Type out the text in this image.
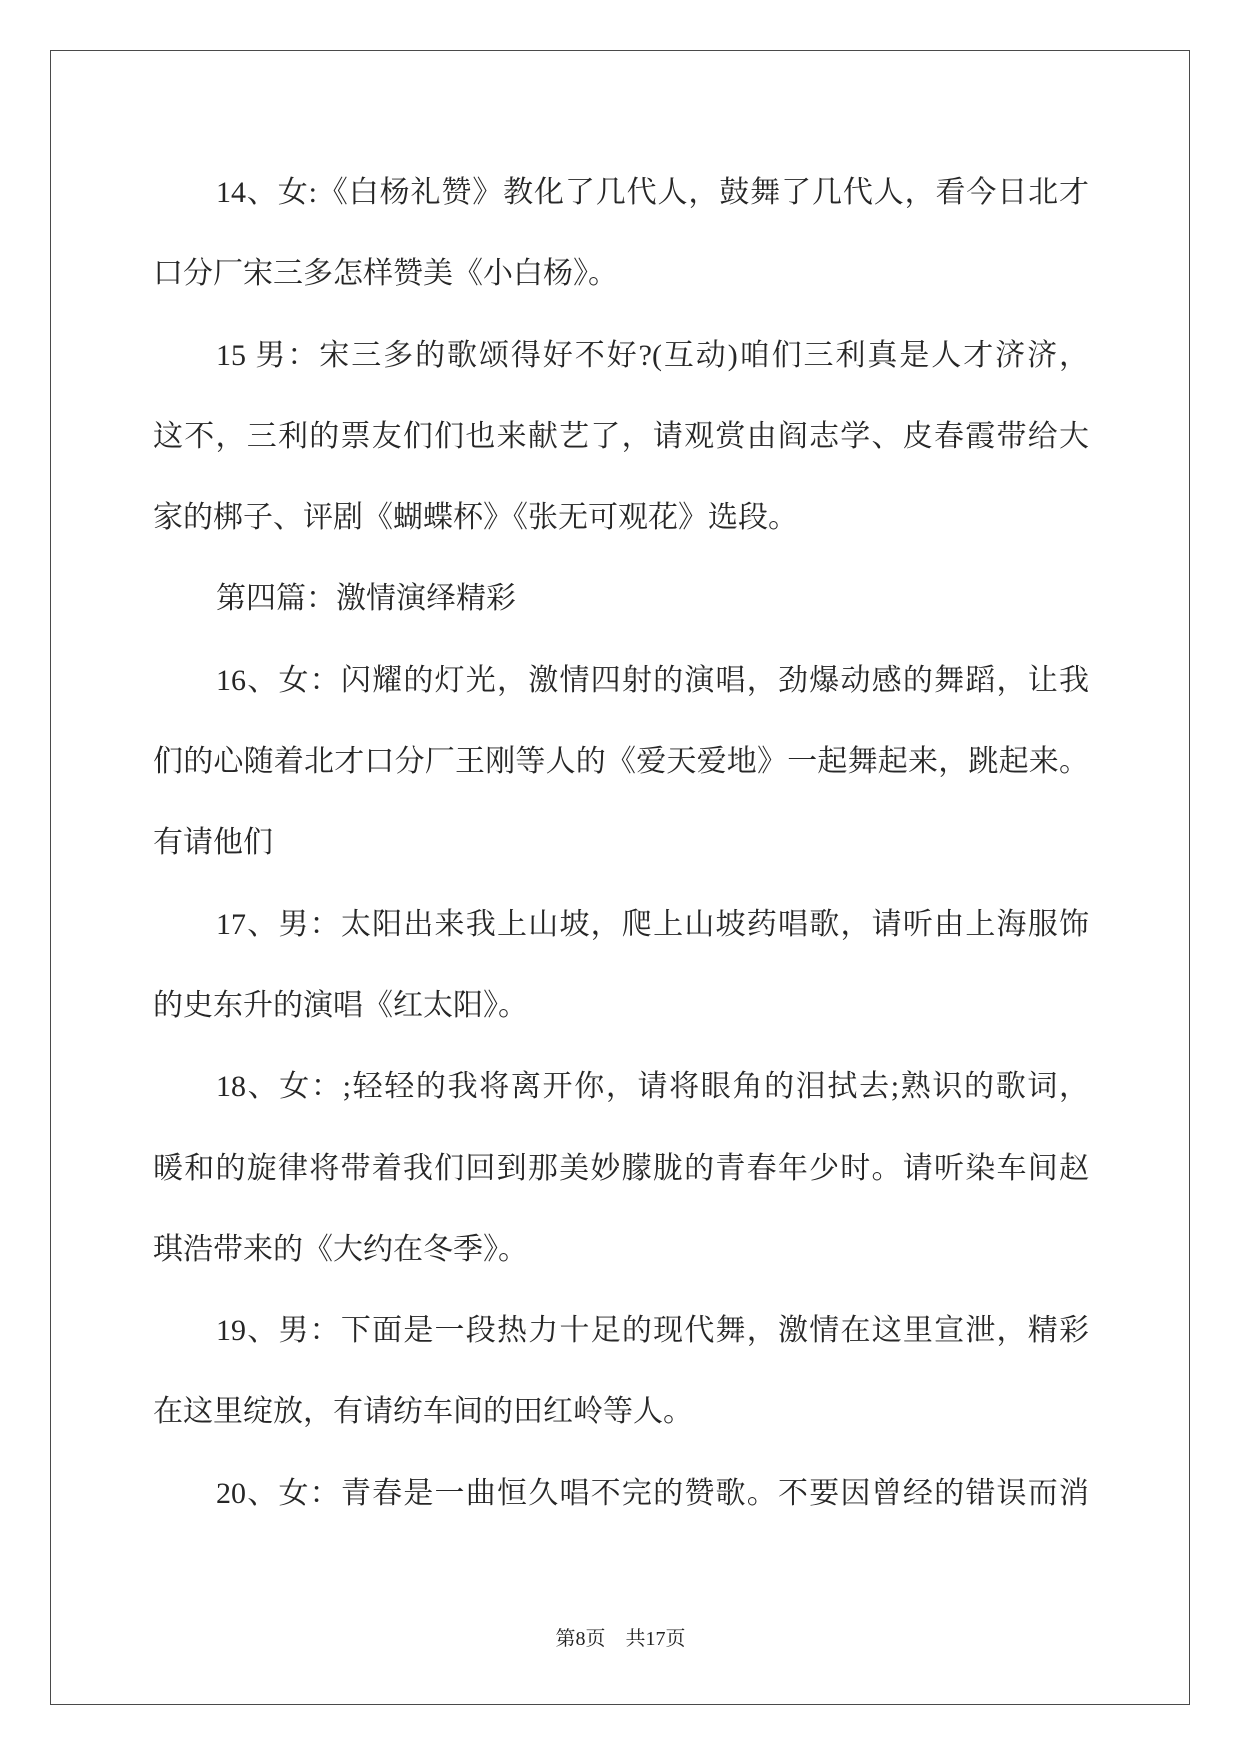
14、女:《白杨礼赞》教化了几代人，鼓舞了几代人，看今日北才
口分厂宋三多怎样赞美《小白杨》。
15 男：宋三多的歌颂得好不好?(互动)咱们三利真是人才济济，
这不，三利的票友们们也来献艺了，请观赏由阎志学、皮春霞带给大
家的梆子、评剧《蝴蝶杯》《张无可观花》选段。
第四篇：激情演绎精彩
16、女：闪耀的灯光，激情四射的演唱，劲爆动感的舞蹈，让我
们的心随着北才口分厂王刚等人的《爱天爱地》一起舞起来，跳起来。
有请他们
17、男：太阳出来我上山坡，爬上山坡药唱歌，请听由上海服饰
的史东升的演唱《红太阳》。
18、女：;轻轻的我将离开你，请将眼角的泪拭去;熟识的歌词，
暖和的旋律将带着我们回到那美妙朦胧的青春年少时。请听染车间赵
琪浩带来的《大约在冬季》。
19、男：下面是一段热力十足的现代舞，激情在这里宣泄，精彩
在这里绽放，有请纺车间的田红岭等人。
20、女：青春是一曲恒久唱不完的赞歌。不要因曾经的错误而消
第8页 共17页
